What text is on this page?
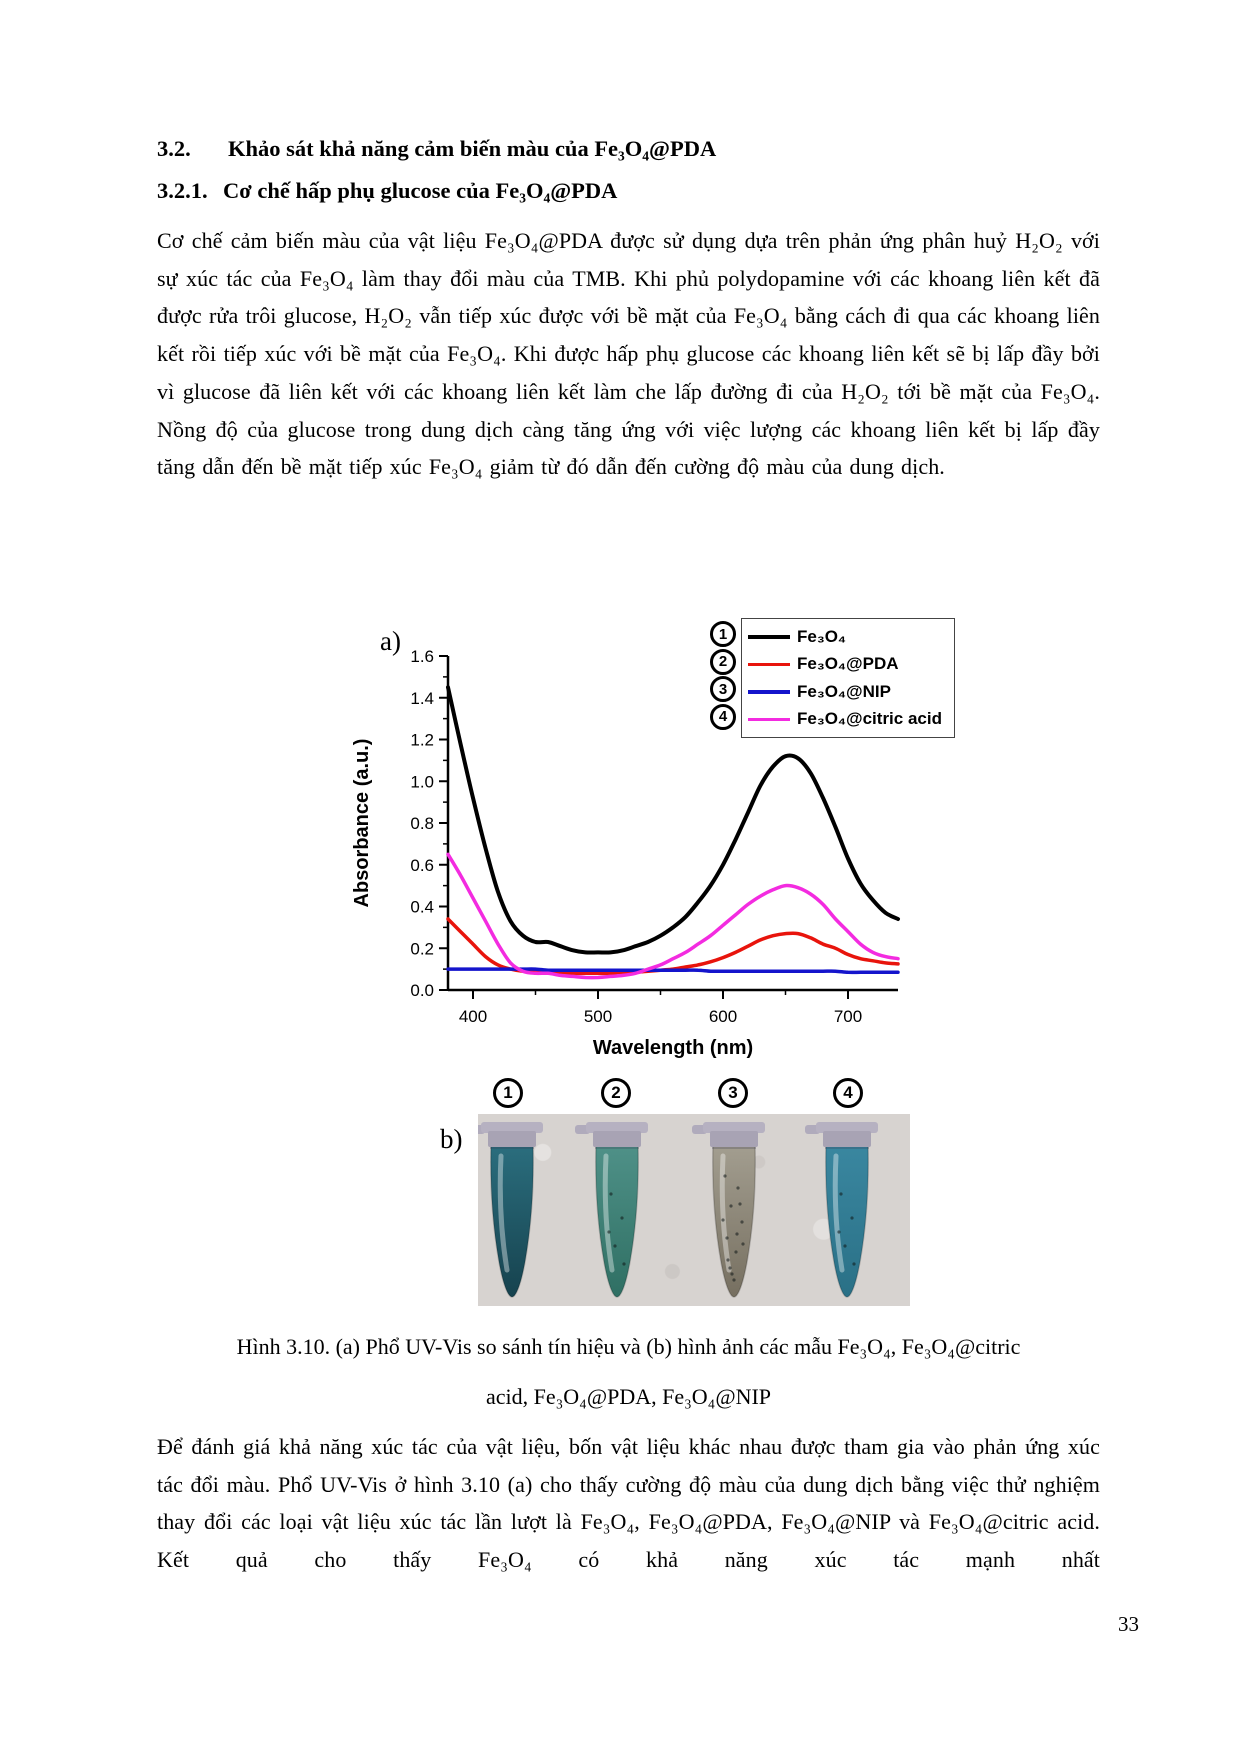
3.2.	Khảo sát khả năng cảm biến màu của Fe₃O₄@PDA
3.2.1. Cơ chế hấp phụ glucose của Fe₃O₄@PDA

Cơ chế cảm biến màu của vật liệu Fe₃O₄@PDA được sử dụng dựa trên phản ứng phân huỷ H₂O₂ với sự xúc tác của Fe₃O₄ làm thay đổi màu của TMB. Khi phủ polydopamine với các khoang liên kết đã được rửa trôi glucose, H₂O₂ vẫn tiếp xúc được với bề mặt của Fe₃O₄ bằng cách đi qua các khoang liên kết rồi tiếp xúc với bề mặt của Fe₃O₄. Khi được hấp phụ glucose các khoang liên kết sẽ bị lấp đầy bởi vì glucose đã liên kết với các khoang liên kết làm che lấp đường đi của H₂O₂ tới bề mặt của Fe₃O₄. Nồng độ của glucose trong dung dịch càng tăng ứng với việc lượng các khoang liên kết bị lấp đầy tăng dẫn đến bề mặt tiếp xúc Fe₃O₄ giảm từ đó dẫn đến cường độ màu của dung dịch.

a)
0.0
0.2
0.4
0.6
0.8
1.0
1.2
1.4
1.6
400	500	600	700
Absorbance (a.u.)
Wavelength (nm)
1
2
3
4
Fe₃O₄
Fe₃O₄@PDA
Fe₃O₄@NIP
Fe₃O₄@citric acid
b)
1	2	3	4
Hình 3.10. (a) Phổ UV-Vis so sánh tín hiệu và (b) hình ảnh các mẫu Fe₃O₄, Fe₃O₄@citric
acid, Fe₃O₄@PDA, Fe₃O₄@NIP

Để đánh giá khả năng xúc tác của vật liệu, bốn vật liệu khác nhau được tham gia vào phản ứng xúc tác đổi màu. Phổ UV-Vis ở hình 3.10 (a) cho thấy cường độ màu của dung dịch bằng việc thử nghiệm thay đổi các loại vật liệu xúc tác lần lượt là Fe₃O₄, Fe₃O₄@PDA, Fe₃O₄@NIP và Fe₃O₄@citric acid. Kết quả cho thấy Fe₃O₄ có khả năng xúc tác mạnh nhất

33
